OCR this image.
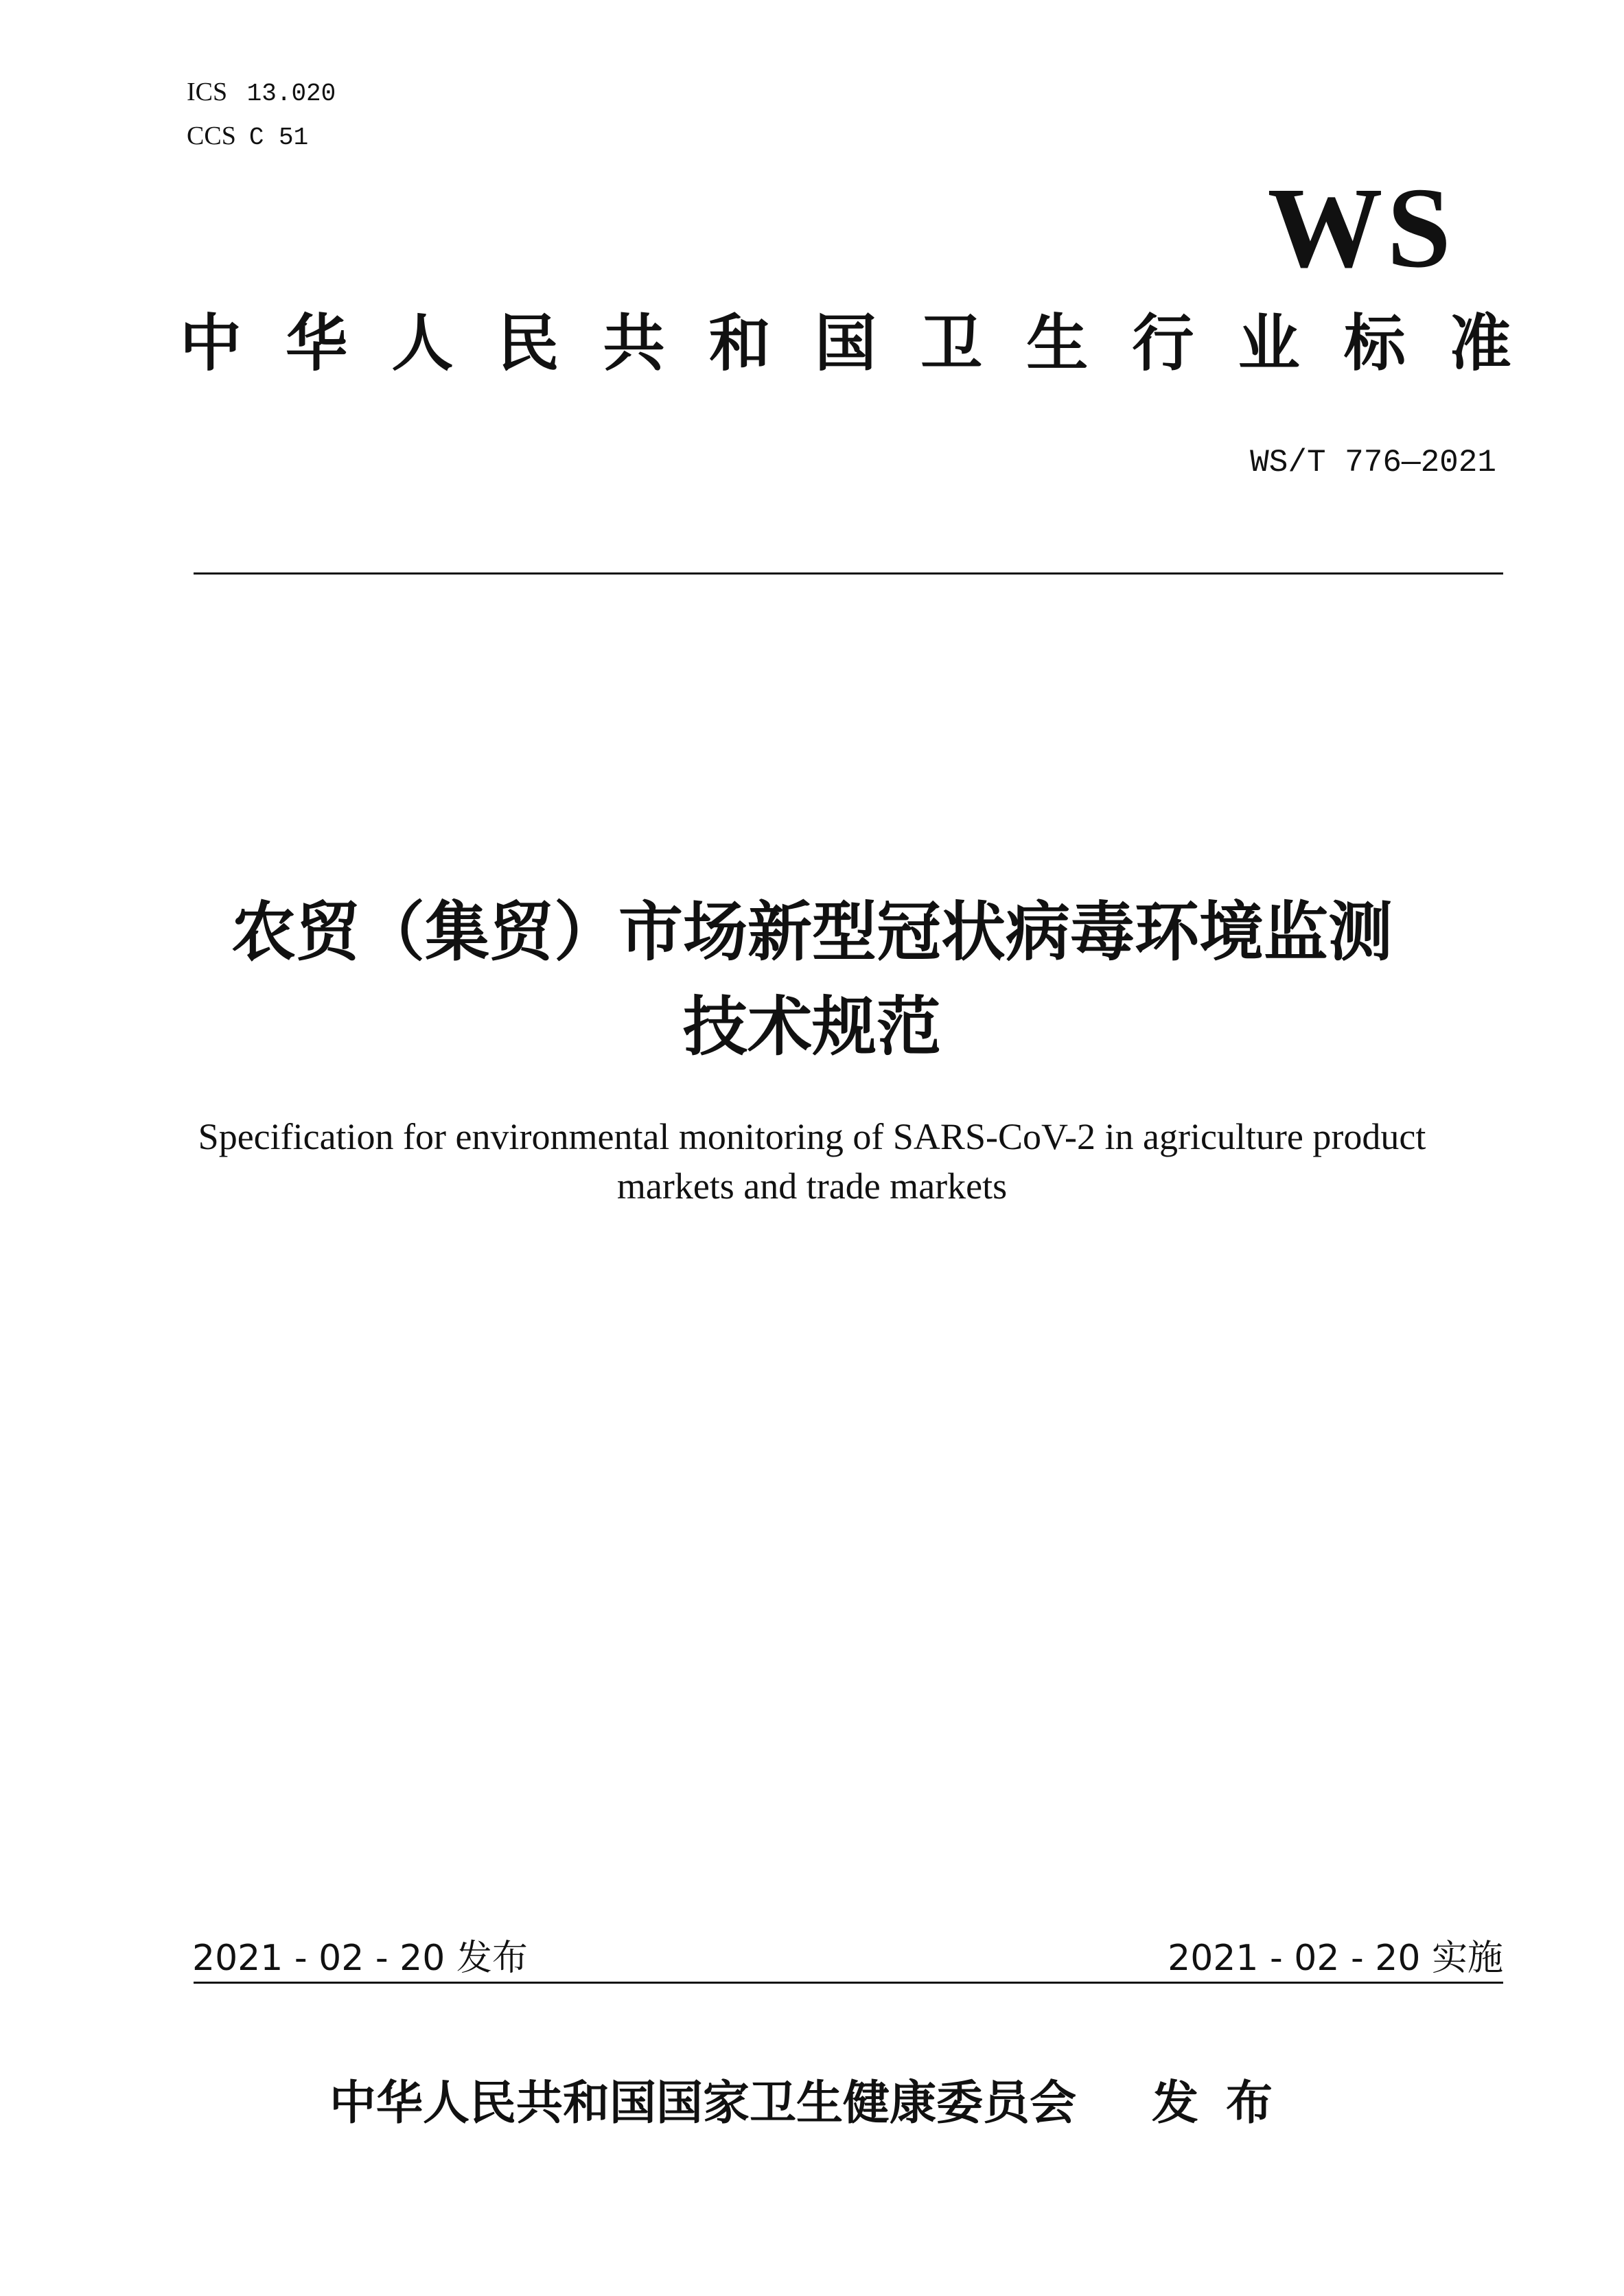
ICS 13.020
CCS C 51
WS
中 华 人 民 共 和 国 卫 生 行 业 标 准
WS/T 776—2021
农贸（集贸）市场新型冠状病毒环境监测
技术规范
Specification for environmental monitoring of SARS-CoV-2 in agriculture product
markets and trade markets
2021 - 02 - 20 发布	2021 - 02 - 20 实施
中华人民共和国国家卫生健康委员会 发布
